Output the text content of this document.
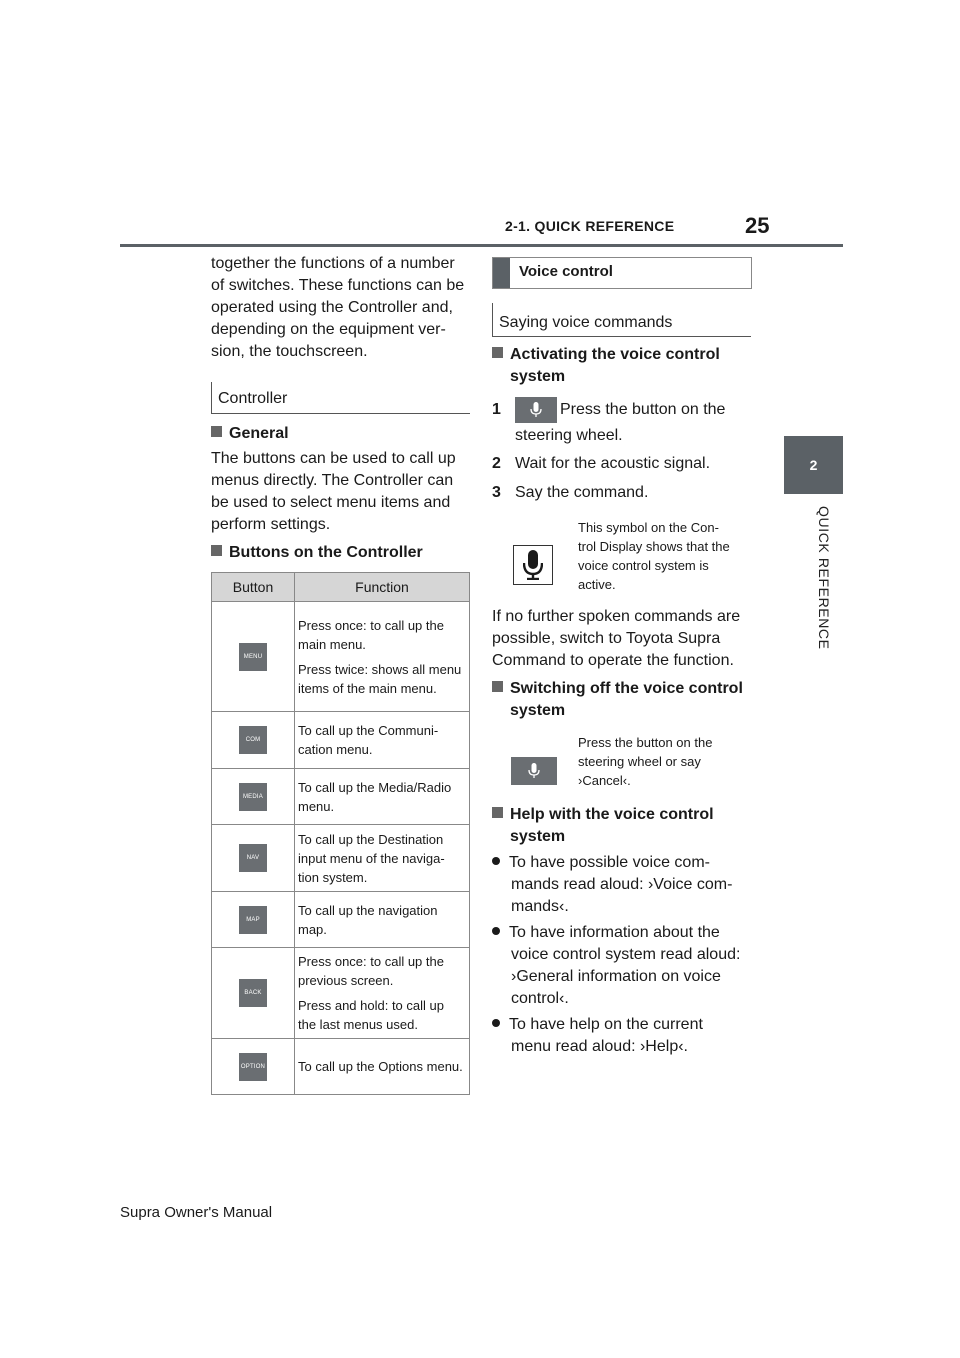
2-1. QUICK REFERENCE	25
2
QUICK REFERENCE
together the functions of a number
of switches. These functions can be
operated using the Controller and,
depending on the equipment ver-
sion, the touchscreen.
Controller
General
The buttons can be used to call up
menus directly. The Controller can
be used to select menu items and
perform settings.
Buttons on the Controller
Button	Function
MENU	Press once: to call up the main menu.

Press twice: shows all menu items of the main menu.

COM	To call up the Communi-cation menu.

MEDIA	To call up the Media/Radio menu.

NAV	To call up the Destination input menu of the naviga-tion system.

MAP	To call up the navigation map.

BACK	Press once: to call up the previous screen.

Press and hold: to call up the last menus used.

OPTION	To call up the Options menu.

Voice control
Saying voice commands
Activating the voice control
system
1	Press the button on the
steering wheel.
2 Wait for the acoustic signal.
3 Say the command.
This symbol on the Con-
trol Display shows that the
voice control system is
active.
If no further spoken commands are
possible, switch to Toyota Supra
Command to operate the function.
Switching off the voice control
system
Press the button on the
steering wheel or say
›Cancel‹.
Help with the voice control
system
To have possible voice com-
mands read aloud: ›Voice com-
mands‹.
To have information about the
voice control system read aloud:
›General information on voice
control‹.
To have help on the current
menu read aloud: ›Help‹.
Supra Owner's Manual
